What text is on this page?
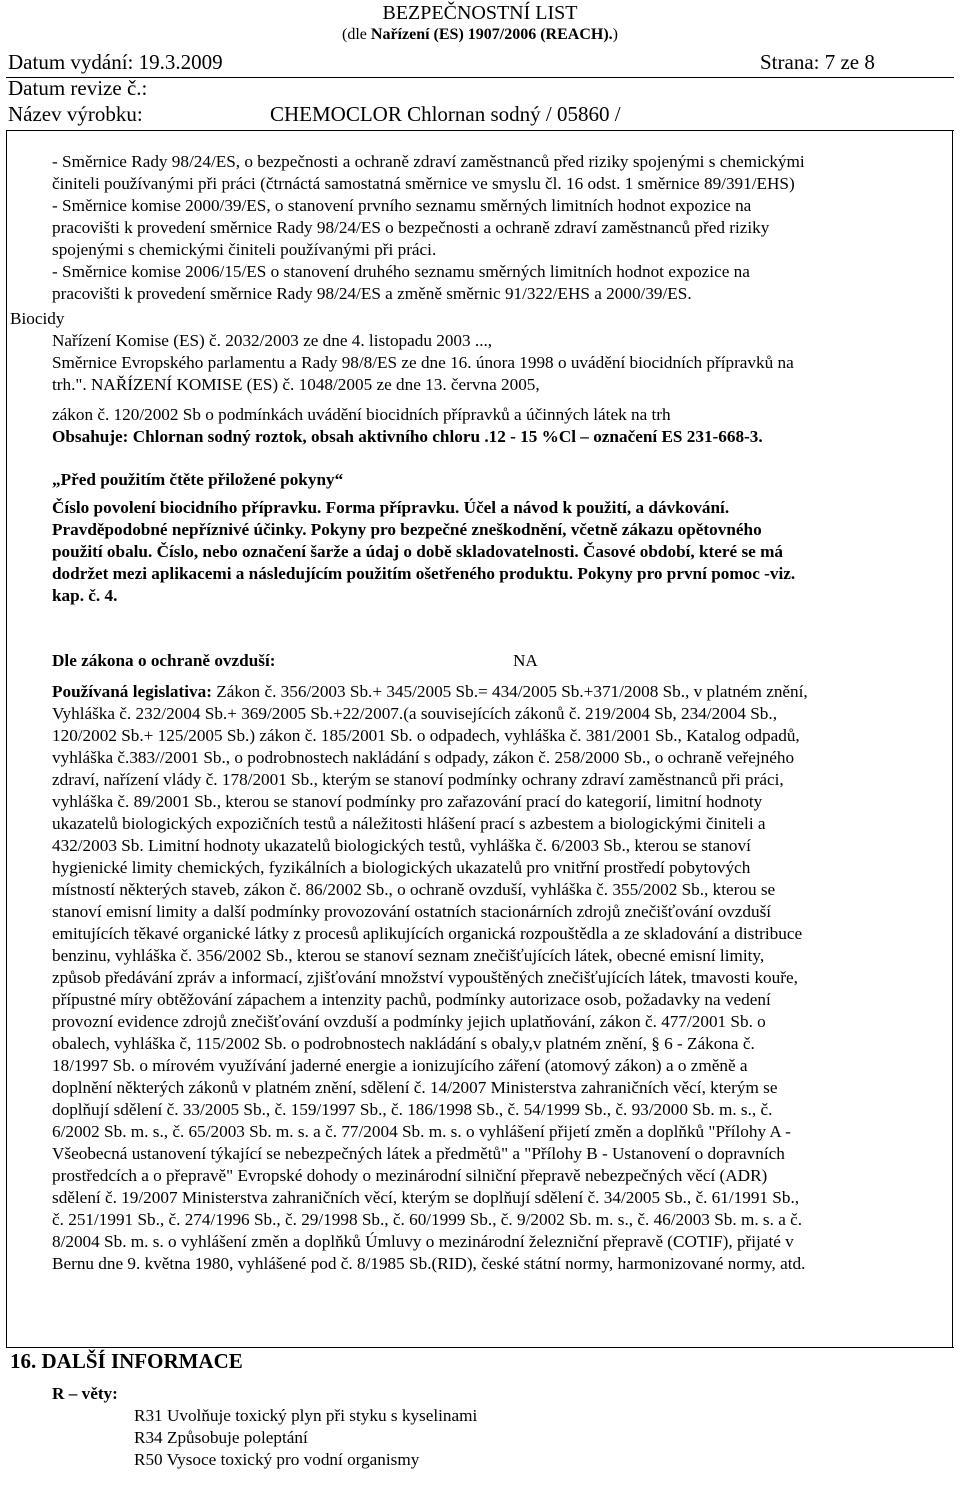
BEZPEČNOSTNÍ LIST
(dle Nařízení (ES) 1907/2006 (REACH).)
Datum vydání: 19.3.2009	Strana: 7 ze 8
Datum revize č.:
Název výrobku:	CHEMOCLOR Chlornan sodný / 05860 /
- Směrnice Rady 98/24/ES, o bezpečnosti a ochraně zdraví zaměstnanců před riziky spojenými s chemickými
činiteli používanými při práci (čtrnáctá samostatná směrnice ve smyslu čl. 16 odst. 1 směrnice 89/391/EHS)
- Směrnice komise 2000/39/ES, o stanovení prvního seznamu směrných limitních hodnot expozice na
pracovišti k provedení směrnice Rady 98/24/ES o bezpečnosti a ochraně zdraví zaměstnanců před riziky
spojenými s chemickými činiteli používanými při práci.
- Směrnice komise 2006/15/ES o stanovení druhého seznamu směrných limitních hodnot expozice na
pracovišti k provedení směrnice Rady 98/24/ES a změně směrnic 91/322/EHS a 2000/39/ES.
Biocidy
Nařízení Komise (ES) č. 2032/2003 ze dne 4. listopadu 2003 ...,
Směrnice Evropského parlamentu a Rady 98/8/ES ze dne 16. února 1998 o uvádění biocidních přípravků na
trh.". NAŘÍZENÍ KOMISE (ES) č. 1048/2005 ze dne 13. června 2005,
zákon č. 120/2002 Sb o podmínkách uvádění biocidních přípravků a účinných látek na trh
Obsahuje: Chlornan sodný roztok, obsah aktivního chloru .12 - 15 %Cl – označení ES 231-668-3.
„Před použitím čtěte přiložené pokyny“
Číslo povolení biocidního přípravku. Forma přípravku. Účel a návod k použití, a dávkování.
Pravděpodobné nepříznivé účinky. Pokyny pro bezpečné zneškodnění, včetně zákazu opětovného
použití obalu. Číslo, nebo označení šarže a údaj o době skladovatelnosti. Časové období, které se má
dodržet mezi aplikacemi a následujícím použitím ošetřeného produktu. Pokyny pro první pomoc -viz.
kap. č. 4.
Dle zákona o ochraně ovzduší:	NA
Používaná legislativa: Zákon č. 356/2003 Sb.+ 345/2005 Sb.= 434/2005 Sb.+371/2008 Sb., v platném znění,
Vyhláška č. 232/2004 Sb.+ 369/2005 Sb.+22/2007.(a souvisejících zákonů č. 219/2004 Sb, 234/2004 Sb.,
120/2002 Sb.+ 125/2005 Sb.) zákon č. 185/2001 Sb. o odpadech, vyhláška č. 381/2001 Sb., Katalog odpadů,
vyhláška č.383//2001 Sb., o podrobnostech nakládání s odpady, zákon č. 258/2000 Sb., o ochraně veřejného
zdraví, nařízení vlády č. 178/2001 Sb., kterým se stanoví podmínky ochrany zdraví zaměstnanců při práci,
vyhláška č. 89/2001 Sb., kterou se stanoví podmínky pro zařazování prací do kategorií, limitní hodnoty
ukazatelů biologických expozičních testů a náležitosti hlášení prací s azbestem a biologickými činiteli a
432/2003 Sb. Limitní hodnoty ukazatelů biologických testů, vyhláška č. 6/2003 Sb., kterou se stanoví
hygienické limity chemických, fyzikálních a biologických ukazatelů pro vnitřní prostředí pobytových
místností některých staveb, zákon č. 86/2002 Sb., o ochraně ovzduší, vyhláška č. 355/2002 Sb., kterou se
stanoví emisní limity a další podmínky provozování ostatních stacionárních zdrojů znečišťování ovzduší
emitujících těkavé organické látky z procesů aplikujících organická rozpouštědla a ze skladování a distribuce
benzinu, vyhláška č. 356/2002 Sb., kterou se stanoví seznam znečišťujících látek, obecné emisní limity,
způsob předávání zpráv a informací, zjišťování množství vypouštěných znečišťujících látek, tmavosti kouře,
přípustné míry obtěžování zápachem a intenzity pachů, podmínky autorizace osob, požadavky na vedení
provozní evidence zdrojů znečišťování ovzduší a podmínky jejich uplatňování, zákon č. 477/2001 Sb. o
obalech, vyhláška č, 115/2002 Sb. o podrobnostech nakládání s obaly,v platném znění, § 6 - Zákona č.
18/1997 Sb. o mírovém využívání jaderné energie a ionizujícího záření (atomový zákon) a o změně a
doplnění některých zákonů v platném znění, sdělení č. 14/2007 Ministerstva zahraničních věcí, kterým se
doplňují sdělení č. 33/2005 Sb., č. 159/1997 Sb., č. 186/1998 Sb., č. 54/1999 Sb., č. 93/2000 Sb. m. s., č.
6/2002 Sb. m. s., č. 65/2003 Sb. m. s. a č. 77/2004 Sb. m. s. o vyhlášení přijetí změn a doplňků "Přílohy A -
Všeobecná ustanovení týkající se nebezpečných látek a předmětů" a "Přílohy B - Ustanovení o dopravních
prostředcích a o přepravě" Evropské dohody o mezinárodní silniční přepravě nebezpečných věcí (ADR)
sdělení č. 19/2007 Ministerstva zahraničních věcí, kterým se doplňují sdělení č. 34/2005 Sb., č. 61/1991 Sb.,
č. 251/1991 Sb., č. 274/1996 Sb., č. 29/1998 Sb., č. 60/1999 Sb., č. 9/2002 Sb. m. s., č. 46/2003 Sb. m. s. a č.
8/2004 Sb. m. s. o vyhlášení změn a doplňků Úmluvy o mezinárodní železniční přepravě (COTIF), přijaté v
Bernu dne 9. května 1980, vyhlášené pod č. 8/1985 Sb.(RID), české státní normy, harmonizované normy, atd.
16. DALŠÍ INFORMACE
R – věty:
R31 Uvolňuje toxický plyn při styku s kyselinami
R34 Způsobuje poleptání
R50 Vysoce toxický pro vodní organismy
